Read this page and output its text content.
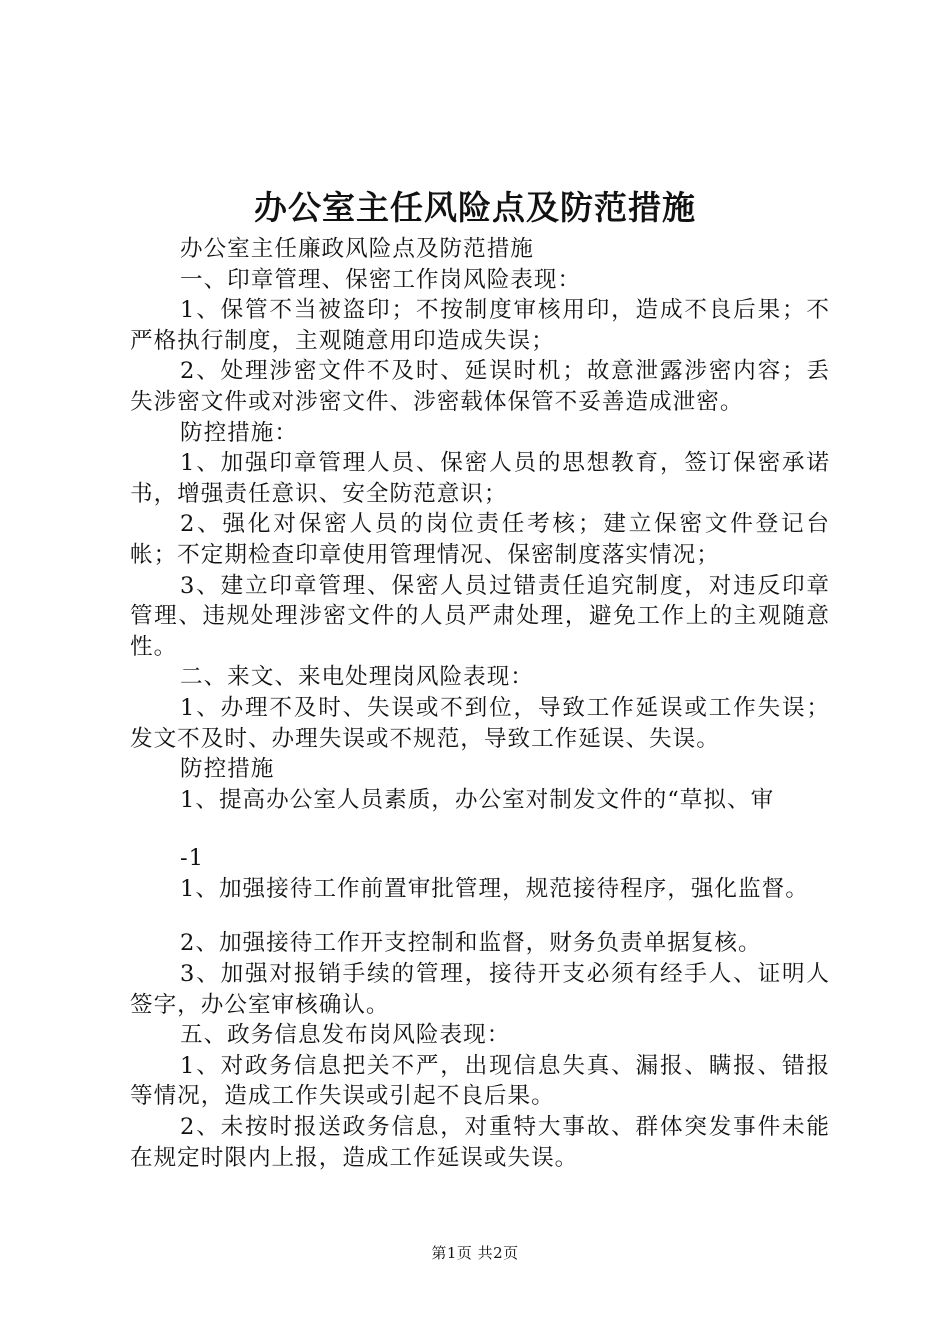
办公室主任风险点及防范措施

办公室主任廉政风险点及防范措施

一、印章管理、保密工作岗风险表现：

1、保管不当被盗印；不按制度审核用印，造成不良后果；不严格执行制度，主观随意用印造成失误；

2、处理涉密文件不及时、延误时机；故意泄露涉密内容；丢失涉密文件或对涉密文件、涉密载体保管不妥善造成泄密。

防控措施：

1、加强印章管理人员、保密人员的思想教育，签订保密承诺书，增强责任意识、安全防范意识；

2、强化对保密人员的岗位责任考核；建立保密文件登记台帐；不定期检查印章使用管理情况、保密制度落实情况；

3、建立印章管理、保密人员过错责任追究制度，对违反印章管理、违规处理涉密文件的人员严肃处理，避免工作上的主观随意性。

二、来文、来电处理岗风险表现：

1、办理不及时、失误或不到位，导致工作延误或工作失误；发文不及时、办理失误或不规范，导致工作延误、失误。

防控措施

1、提高办公室人员素质，办公室对制发文件的“草拟、审

-1

1、加强接待工作前置审批管理，规范接待程序，强化监督。

2、加强接待工作开支控制和监督，财务负责单据复核。

3、加强对报销手续的管理，接待开支必须有经手人、证明人签字，办公室审核确认。

五、政务信息发布岗风险表现：

1、对政务信息把关不严，出现信息失真、漏报、瞒报、错报等情况，造成工作失误或引起不良后果。

2、未按时报送政务信息，对重特大事故、群体突发事件未能在规定时限内上报，造成工作延误或失误。

第1页 共2页
